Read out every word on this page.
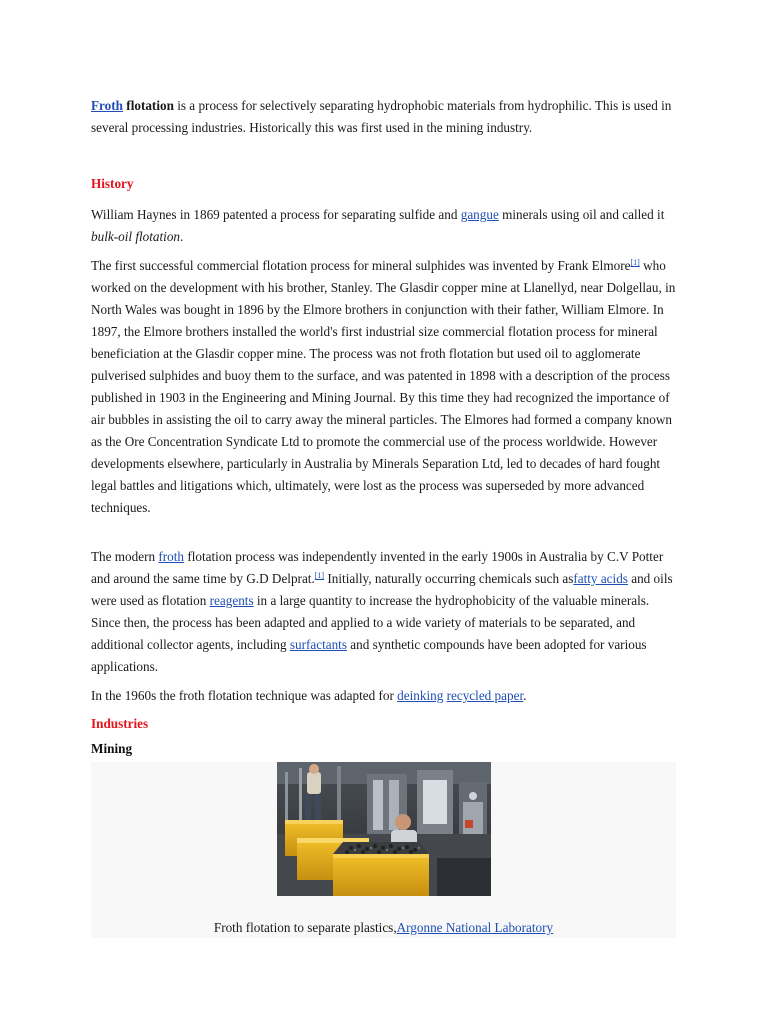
Froth flotation is a process for selectively separating hydrophobic materials from hydrophilic. This is used in several processing industries. Historically this was first used in the mining industry.

History

William Haynes in 1869 patented a process for separating sulfide and gangue minerals using oil and called it bulk-oil flotation.

The first successful commercial flotation process for mineral sulphides was invented by Frank Elmore[1] who worked on the development with his brother, Stanley. The Glasdir copper mine at Llanellyd, near Dolgellau, in North Wales was bought in 1896 by the Elmore brothers in conjunction with their father, William Elmore. In 1897, the Elmore brothers installed the world's first industrial size commercial flotation process for mineral beneficiation at the Glasdir copper mine. The process was not froth flotation but used oil to agglomerate pulverised sulphides and buoy them to the surface, and was patented in 1898 with a description of the process published in 1903 in the Engineering and Mining Journal. By this time they had recognized the importance of air bubbles in assisting the oil to carry away the mineral particles. The Elmores had formed a company known as the Ore Concentration Syndicate Ltd to promote the commercial use of the process worldwide. However developments elsewhere, particularly in Australia by Minerals Separation Ltd, led to decades of hard fought legal battles and litigations which, ultimately, were lost as the process was superseded by more advanced techniques.

The modern froth flotation process was independently invented in the early 1900s in Australia by C.V Potter and around the same time by G.D Delprat.[1] Initially, naturally occurring chemicals such asfatty acids and oils were used as flotation reagents in a large quantity to increase the hydrophobicity of the valuable minerals. Since then, the process has been adapted and applied to a wide variety of materials to be separated, and additional collector agents, including surfactants and synthetic compounds have been adopted for various applications.

In the 1960s the froth flotation technique was adapted for deinking recycled paper.

Industries
Mining
Froth flotation to separate plastics,Argonne National Laboratory
